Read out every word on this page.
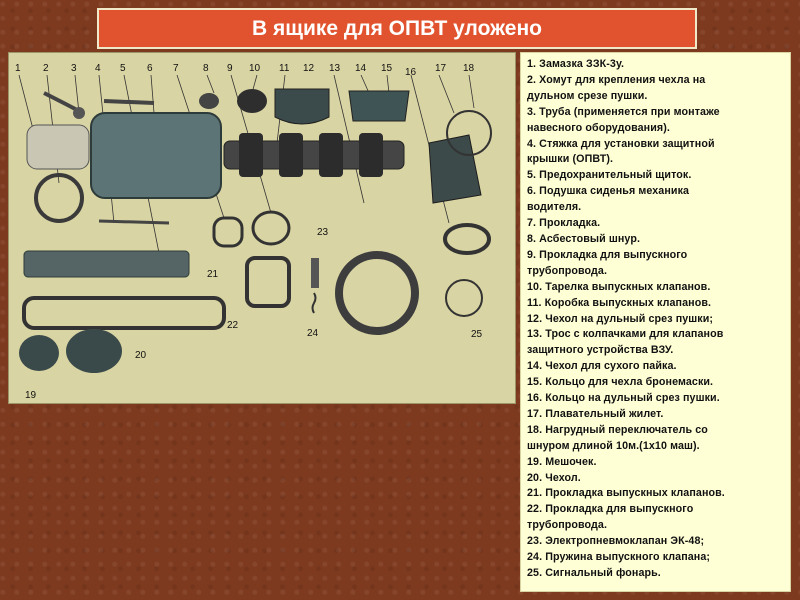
В ящике для ОПВТ уложено
1 2 3 4 5 6 7 8 9 10 11 12 13 14 15 16 17 18
19
20
21
22
23
24	25
1. Замазка ЗЗК-3у.
2. Хомут для крепления чехла на
дульном срезе пушки.
3. Труба (применяется при монтаже
навесного оборудования).
4. Стяжка для установки защитной
крышки (ОПВТ).
5. Предохранительный щиток.
6. Подушка сиденья механика
водителя.
7. Прокладка.
8. Асбестовый шнур.
9. Прокладка для выпускного
трубопровода.
10. Тарелка выпускных клапанов.
11. Коробка выпускных клапанов.
12. Чехол на дульный срез пушки;
13. Трос с колпачками для клапанов
защитного устройства ВЗУ.
14. Чехол для сухого пайка.
15. Кольцо для чехла бронемаски.
16. Кольцо на дульный срез пушки.
17. Плавательный жилет.
18. Нагрудный переключатель со
шнуром длиной 10м.(1х10 маш).
19. Мешочек.
20. Чехол.
21. Прокладка выпускных клапанов.
22. Прокладка для выпускного
трубопровода.
23. Электропневмоклапан ЭК-48;
24. Пружина выпускного клапана;
25. Сигнальный фонарь.
